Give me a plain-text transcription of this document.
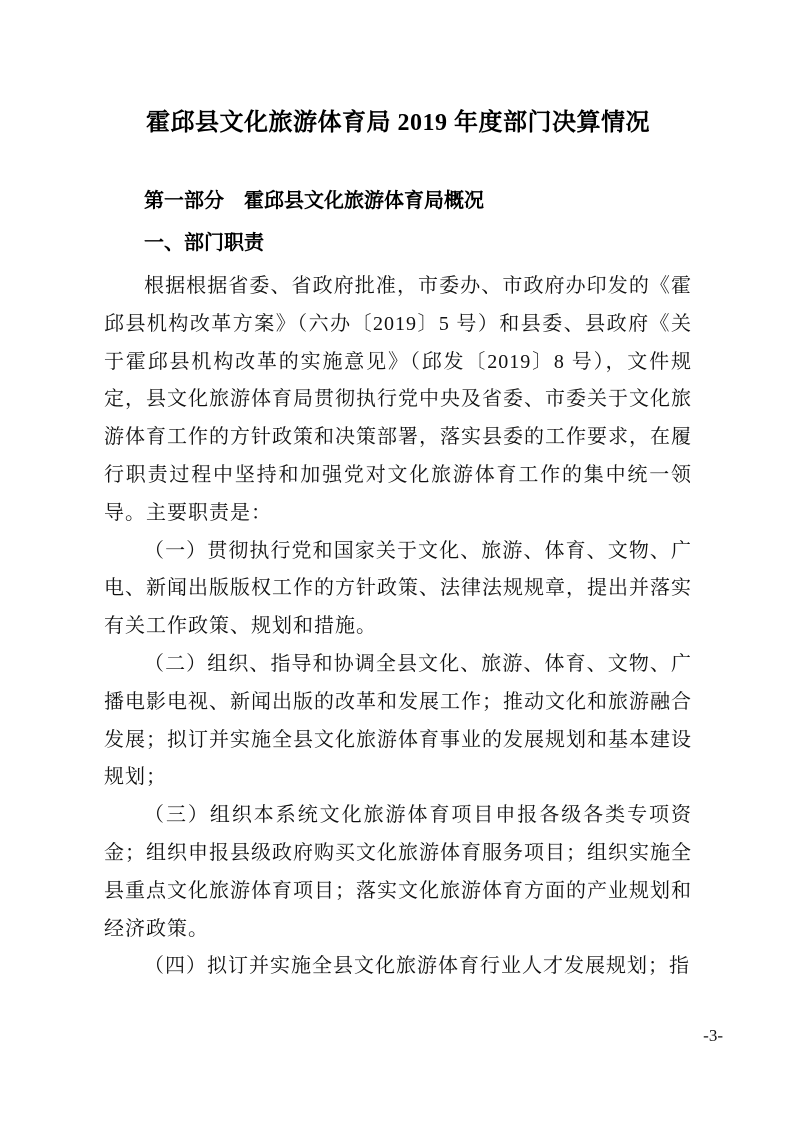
霍邱县文化旅游体育局 2019 年度部门决算情况
第一部分　霍邱县文化旅游体育局概况
一、部门职责

根据根据省委、省政府批准，市委办、市政府办印发的《霍邱县机构改革方案》（六办〔2019〕5 号）和县委、县政府《关于霍邱县机构改革的实施意见》（邱发〔2019〕8 号），文件规定，县文化旅游体育局贯彻执行党中央及省委、市委关于文化旅游体育工作的方针政策和决策部署，落实县委的工作要求，在履行职责过程中坚持和加强党对文化旅游体育工作的集中统一领导。主要职责是：

（一）贯彻执行党和国家关于文化、旅游、体育、文物、广电、新闻出版版权工作的方针政策、法律法规规章，提出并落实有关工作政策、规划和措施。

（二）组织、指导和协调全县文化、旅游、体育、文物、广播电影电视、新闻出版的改革和发展工作；推动文化和旅游融合发展；拟订并实施全县文化旅游体育事业的发展规划和基本建设规划；

（三）组织本系统文化旅游体育项目申报各级各类专项资金；组织申报县级政府购买文化旅游体育服务项目；组织实施全县重点文化旅游体育项目；落实文化旅游体育方面的产业规划和经济政策。

（四）拟订并实施全县文化旅游体育行业人才发展规划；指

-3-
